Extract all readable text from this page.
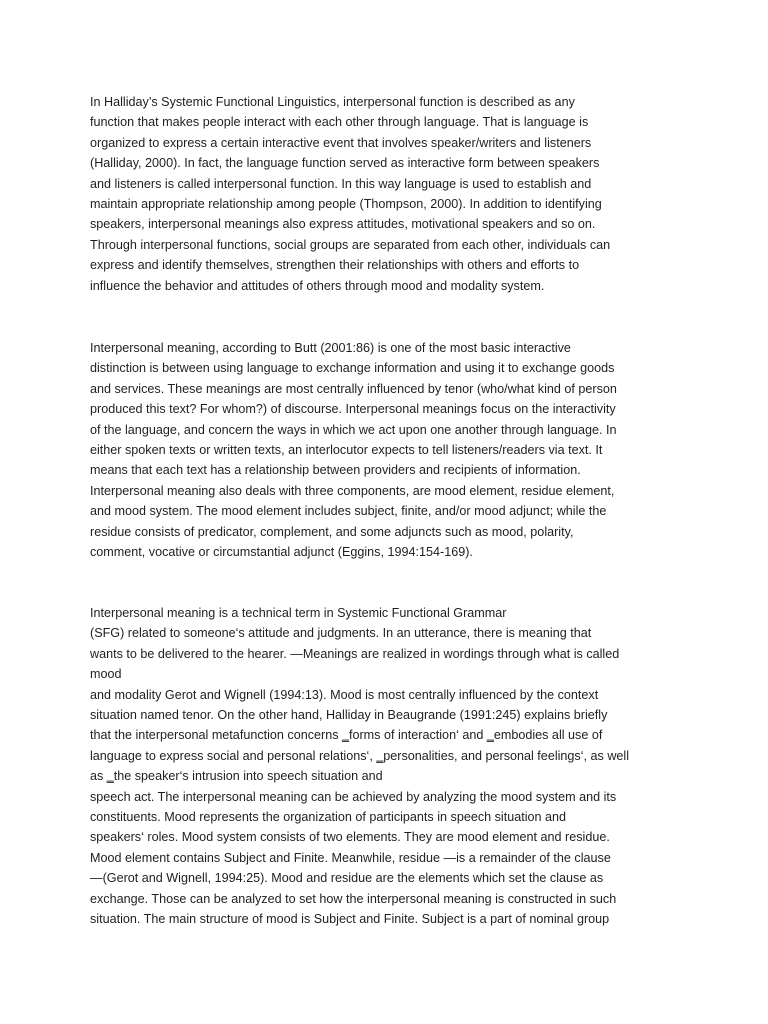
In Halliday’s Systemic Functional Linguistics, interpersonal function is described as any
function that makes people interact with each other through language. That is language is
organized to express a certain interactive event that involves speaker/writers and listeners
(Halliday, 2000). In fact, the language function served as interactive form between speakers
and listeners is called interpersonal function. In this way language is used to establish and
maintain appropriate relationship among people (Thompson, 2000). In addition to identifying
speakers, interpersonal meanings also express attitudes, motivational speakers and so on.
Through interpersonal functions, social groups are separated from each other, individuals can
express and identify themselves, strengthen their relationships with others and efforts to
influence the behavior and attitudes of others through mood and modality system.

Interpersonal meaning, according to Butt (2001:86) is one of the most basic interactive
distinction is between using language to exchange information and using it to exchange goods
and services. These meanings are most centrally influenced by tenor (who/what kind of person
produced this text? For whom?) of discourse. Interpersonal meanings focus on the interactivity
of the language, and concern the ways in which we act upon one another through language. In
either spoken texts or written texts, an interlocutor expects to tell listeners/readers via text. It
means that each text has a relationship between providers and recipients of information.
Interpersonal meaning also deals with three components, are mood element, residue element,
and mood system. The mood element includes subject, finite, and/or mood adjunct; while the
residue consists of predicator, complement, and some adjuncts such as mood, polarity,
comment, vocative or circumstantial adjunct (Eggins, 1994:154-169).

Interpersonal meaning is a technical term in Systemic Functional Grammar
(SFG) related to someone‘s attitude and judgments. In an utterance, there is meaning that
wants to be delivered to the hearer. ―Meanings are realized in wordings through what is called
mood
and modality Gerot and Wignell (1994:13). Mood is most centrally influenced by the context
situation named tenor. On the other hand, Halliday in Beaugrande (1991:245) explains briefly
that the interpersonal metafunction concerns ‗forms of interaction‘ and ‗embodies all use of
language to express social and personal relations‘, ‗personalities, and personal feelings‘, as well
as ‗the speaker‘s intrusion into speech situation and
speech act. The interpersonal meaning can be achieved by analyzing the mood system and its
constituents. Mood represents the organization of participants in speech situation and
speakers‘ roles. Mood system consists of two elements. They are mood element and residue.
Mood element contains Subject and Finite. Meanwhile, residue ―is a remainder of the clause
―(Gerot and Wignell, 1994:25). Mood and residue are the elements which set the clause as
exchange. Those can be analyzed to set how the interpersonal meaning is constructed in such
situation. The main structure of mood is Subject and Finite. Subject is a part of nominal group
